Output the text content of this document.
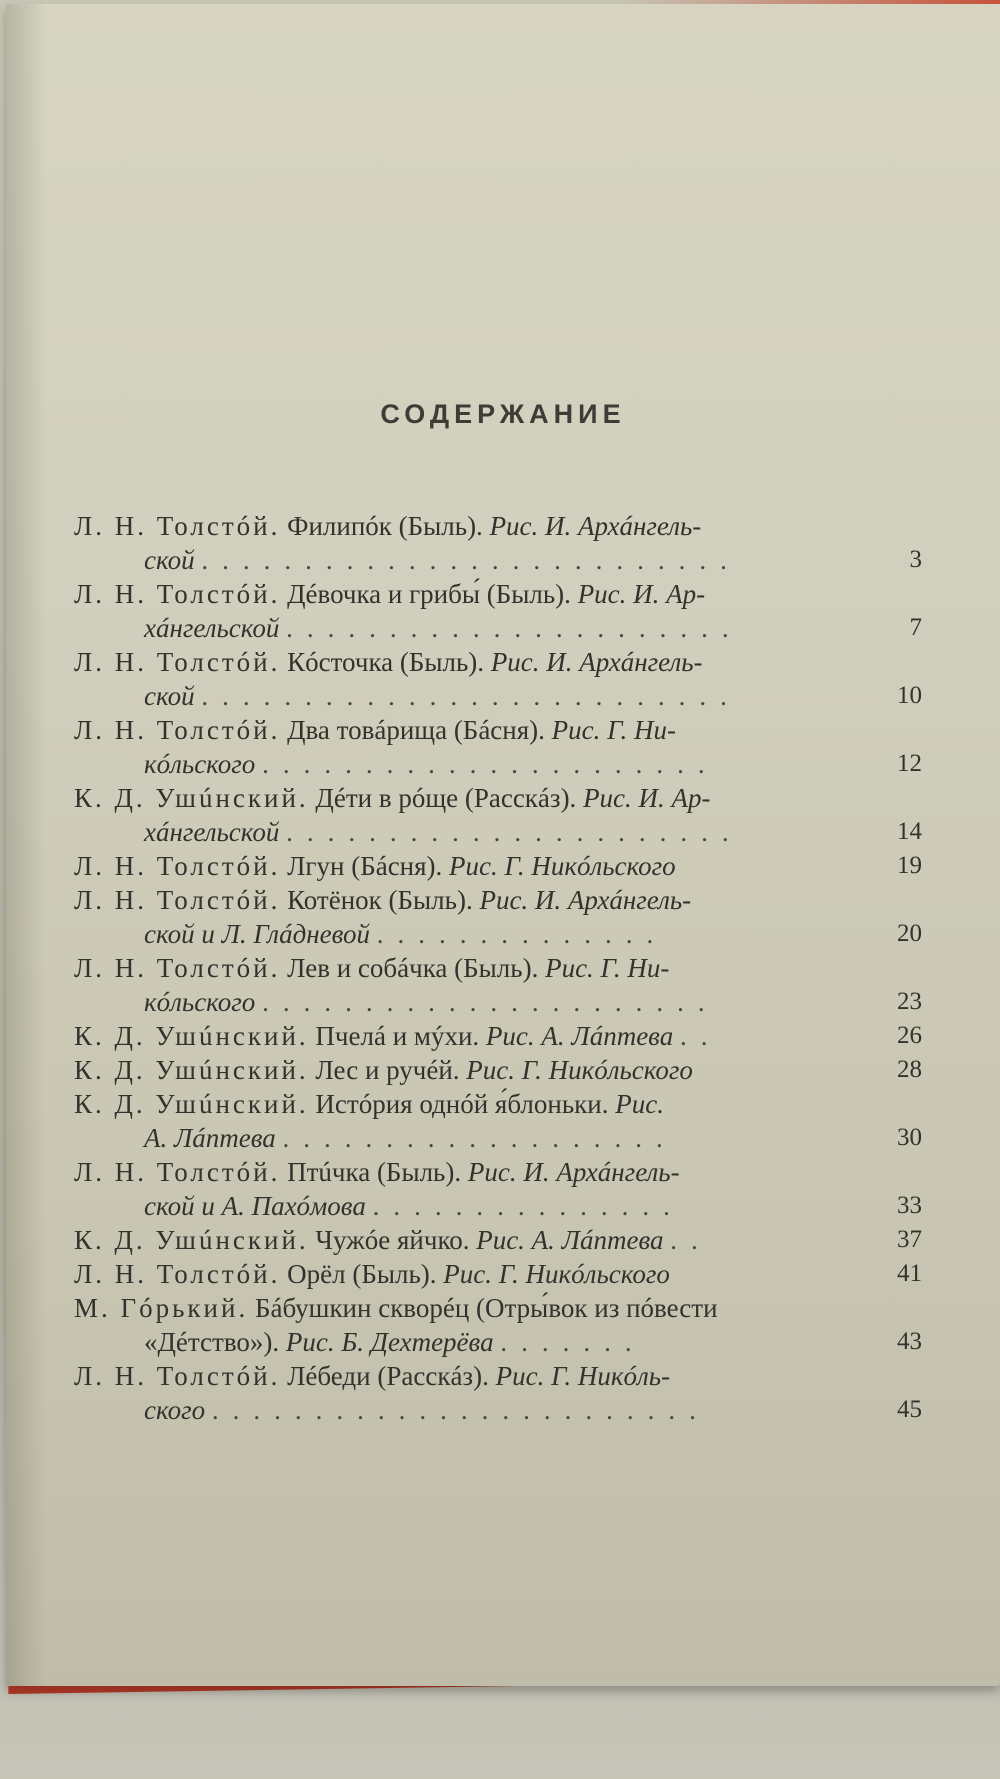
СОДЕРЖАНИЕ
Л. Н. Толстóй. Филипóк (Быль). Рис. И. Архáнгель-
ской ..........................	3
Л. Н. Толстóй. Дéвочка и грибы́ (Быль). Рис. И. Ар-
хáнгельской ......................	7
Л. Н. Толстóй. Кóсточка (Быль). Рис. И. Архáнгель-
ской ..........................	10
Л. Н. Толстóй. Два товáрища (Бáсня). Рис. Г. Ни-
кóльского ......................	12
К. Д. Ушúнский. Дéти в рóще (Расскáз). Рис. И. Ар-
хáнгельской ......................	14
Л. Н. Толстóй. Лгун (Бáсня). Рис. Г. Никóльского	19
Л. Н. Толстóй. Котёнок (Быль). Рис. И. Архáнгель-
ской и Л. Глáдневой ..............	20
Л. Н. Толстóй. Лев и собáчка (Быль). Рис. Г. Ни-
кóльского ......................	23
К. Д. Ушúнский. Пчелá и мýхи. Рис. А. Лáптева ..	26
К. Д. Ушúнский. Лес и ручéй. Рис. Г. Никóльского	28
К. Д. Ушúнский. Истóрия однóй я́блоньки. Рис.
А. Лáптева ...................	30
Л. Н. Толстóй. Птúчка (Быль). Рис. И. Архáнгель-
ской и А. Пахóмова ...............	33
К. Д. Ушúнский. Чужóе яйчко. Рис. А. Лáптева ..	37
Л. Н. Толстóй. Орёл (Быль). Рис. Г. Никóльского	41
М. Гóрький. Бáбушкин скворéц (Отры́вок из пóвести
«Дéтство»). Рис. Б. Дехтерёва .......	43
Л. Н. Толстóй. Лéбеди (Расскáз). Рис. Г. Никóль-
ского ........................	45
